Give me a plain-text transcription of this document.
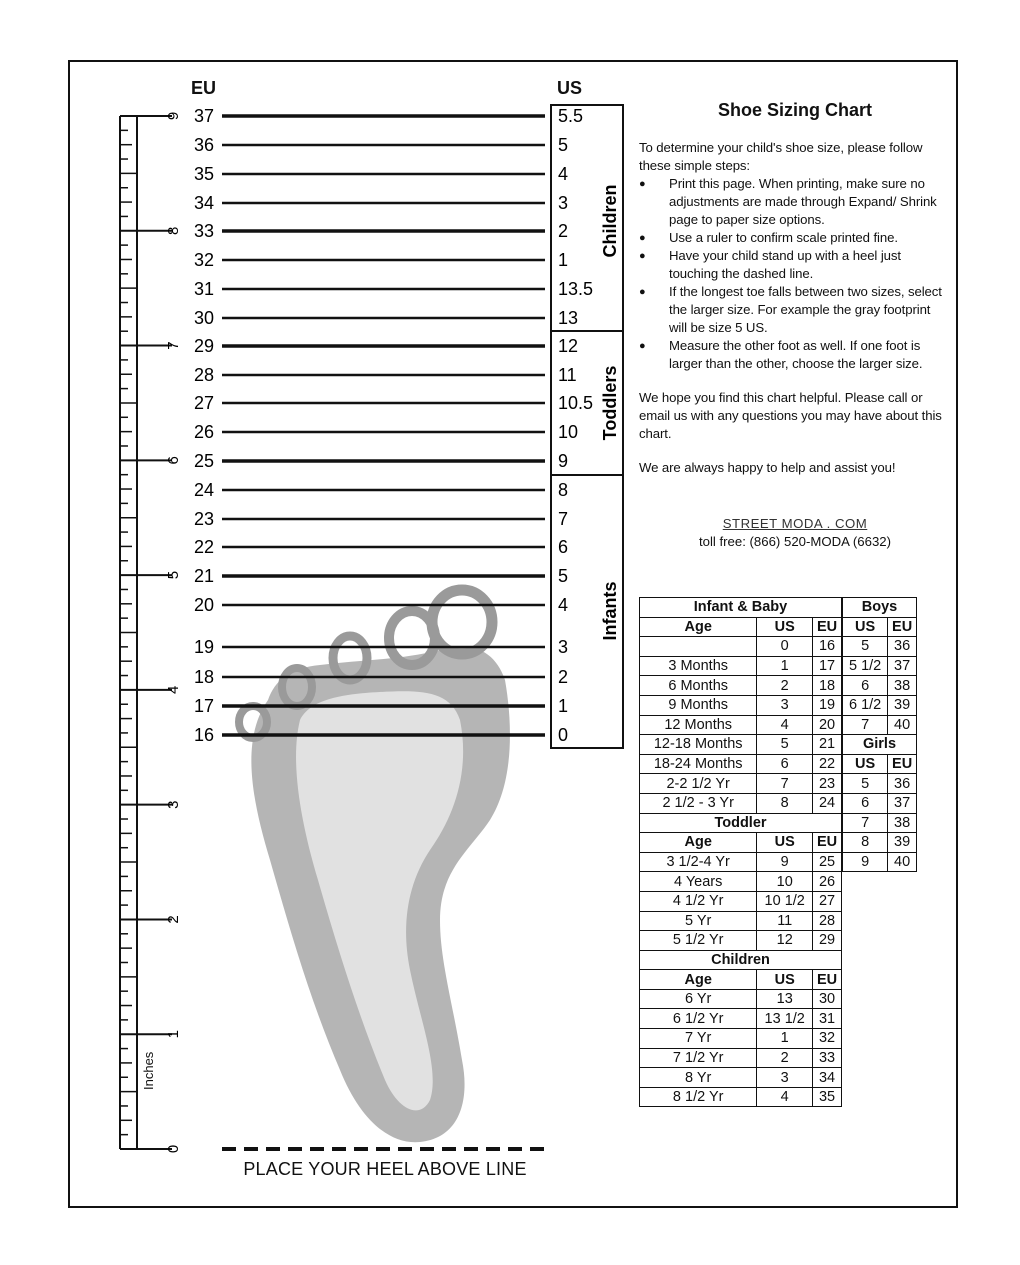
0
1
2
3
4
5
6
7
8
9 37	5.5
36	5
35	4
34	3
33	2
32	1
31	13.5
30	13
29	12
28	11
27	10.5
26	10
25	9
24	8
23	7
22	6
21	5
20	4
19	3
18	2
17	1
16	0
Children
Toddlers
Infants
EU	US
Inches
Shoe Sizing Chart

To determine your child's shoe size, please follow these simple steps:

●	Print this page. When printing, make sure no adjustments are made through Expand/ Shrink page to paper size options.
●	Use a ruler to confirm scale printed fine.
●	Have your child stand up with a heel just touching the dashed line.
●	If the longest toe falls between two sizes, select the larger size. For example the gray footprint will be size 5 US.
●	Measure the other foot as well. If one foot is larger than the other, choose the larger size.

We hope you find this chart helpful. Please call or email us with any questions you may have about this chart.

We are always happy to help and assist you!

STREET MODA . COM
toll free: (866) 520-MODA (6632)
Infant & Baby		
Age	US	EU
	0	16
3 Months	1	17
6 Months	2	18
9 Months	3	19
12 Months	4	20
12-18 Months	5	21
18-24 Months	6	22
2-2 1/2 Yr	7	23
2 1/2 - 3 Yr	8	24
Toddler		
Age	US	EU
3 1/2-4 Yr	9	25
4 Years	10	26
4 1/2 Yr	10 1/2	27
5 Yr	11	28
5 1/2 Yr	12	29
Children		
Age	US	EU
6 Yr	13	30
6 1/2 Yr	13 1/2	31
7 Yr	1	32
7 1/2 Yr	2	33
8 Yr	3	34
8 1/2 Yr	4	35
Boys	
US	EU
5	36
5 1/2	37
6	38
6 1/2	39
7	40
Girls	
US	EU
5	36
6	37
7	38
8	39
9	40
PLACE YOUR HEEL ABOVE LINE
